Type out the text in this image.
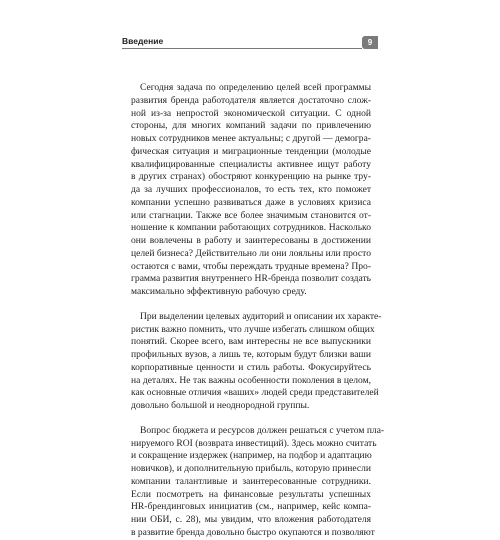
Введение	9
Сегодня задача по определению целей всей программы
развития бренда работодателя является достаточно слож-
ной из-за непростой экономической ситуации. С одной
стороны, для многих компаний задачи по привлечению
новых сотрудников менее актуальны; с другой — демогра-
фическая ситуация и миграционные тенденции (молодые
квалифицированные специалисты активнее ищут работу
в других странах) обостряют конкуренцию на рынке тру-
да за лучших профессионалов, то есть тех, кто поможет
компании успешно развиваться даже в условиях кризиса
или стагнации. Также все более значимым становится от-
ношение к компании работающих сотрудников. Насколько
они вовлечены в работу и заинтересованы в достижении
целей бизнеса? Действительно ли они лояльны или просто
остаются с вами, чтобы переждать трудные времена? Про-
грамма развития внутреннего HR-бренда позволит создать
максимально эффективную рабочую среду.
При выделении целевых аудиторий и описании их характе-
ристик важно помнить, что лучше избегать слишком общих
понятий. Скорее всего, вам интересны не все выпускники
профильных вузов, а лишь те, которым будут близки ваши
корпоративные ценности и стиль работы. Фокусируйтесь
на деталях. Не так важны особенности поколения в целом,
как основные отличия «ваших» людей среди представителей
довольно большой и неоднородной группы.
Вопрос бюджета и ресурсов должен решаться с учетом пла-
нируемого ROI (возврата инвестиций). Здесь можно считать
и сокращение издержек (например, на подбор и адаптацию
новичков), и дополнительную прибыль, которую принесли
компании талантливые и заинтересованные сотрудники.
Если посмотреть на финансовые результаты успешных
HR-брендинговых инициатив (см., например, кейс компа-
нии ОБИ, с. 28), мы увидим, что вложения работодателя
в развитие бренда довольно быстро окупаются и позволяют
